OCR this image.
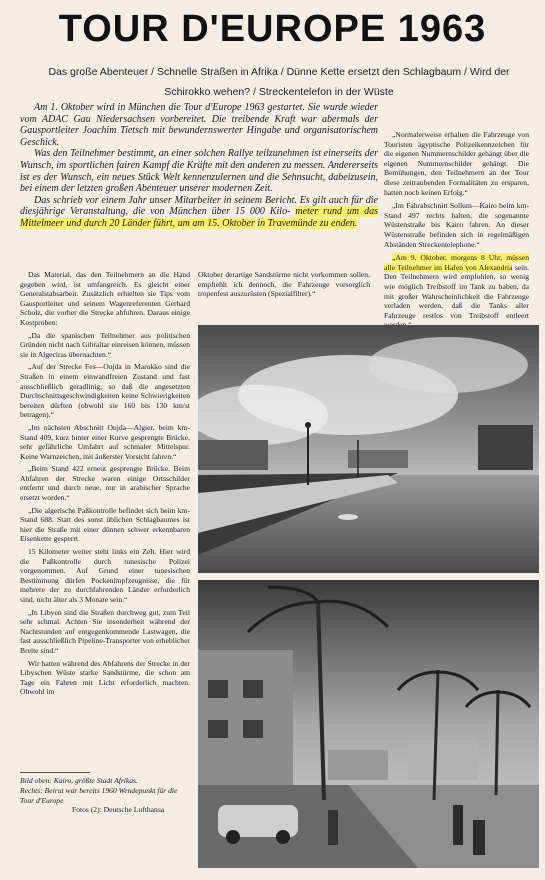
TOUR D'EUROPE 1963
Das große Abenteuer / Schnelle Straßen in Afrika / Dünne Kette ersetzt den Schlagbaum / Wird der Schirokko wehen? / Streckentelefon in der Wüste

Am 1. Oktober wird in München die Tour d'Europe 1963 gestartet. Sie wurde wieder vom ADAC Gau Niedersachsen vorbereitet. Die treibende Kraft war abermals der Gausportleiter Joachim Tietsch mit bewundernswerter Hingabe und organisatorischem Geschick.

Was den Teilnehmer bestimmt, an einer solchen Rallye teilzunehmen ist einerseits der Wunsch, im sportlichen fairen Kampf die Kräfte mit den anderen zu messen. Andererseits ist es der Wunsch, ein neues Stück Welt kennenzulernen und die Sehnsucht, dabeizusein, bei einem der letzten großen Abenteuer unserer modernen Zeit.

Das schrieb vor einem Jahr unser Mitarbeiter in seinem Bericht. Es gilt auch für die diesjährige Veranstaltung, die von München über 15 000 Kilo- meter rund um das Mittelmeer und durch 20 Länder führt, um am 15. Oktober in Travemünde zu enden.

Das Material, das den Teilnehmern an die Hand gegeben wird, ist umfangreich. Es gleicht einer Generalstabsarbeit. Zusätzlich erhielten sie Tips vom Gausportleiter und seinem Wagenreferenten Gerhard Scholz, die vorher die Strecke abfuhren. Daraus einige Kostproben:

„Da die spanischen Teilnehmer aus politischen Gründen nicht nach Gibraltar einreisen können, müssen sie in Algeciras übernachten.“

„Auf der Strecke Fes—Oujda in Marokko sind die Straßen in einem einwandfreien Zustand und fast ausschließlich geradlinig, so daß die angesetzten Durchschnittsgeschwindigkeiten keine Schwierigkeiten bereiten dürften (obwohl sie 160 bis 130 km/st betragen).“

„Im nächsten Abschnitt Oujda—Algier, beim km-Stand 409, kurz hinter einer Kurve gesprengte Brücke, sehr gefährliche Umfahrt auf schmaler Mittelspur. Keine Warnzeichen, mit äußerster Vorsicht fahren.“

„Beim Stand 422 erneut gesprengte Brücke. Beim Abfahren der Strecke waren einige Ortsschilder entfernt und durch neue, nur in arabischer Sprache ersetzt worden.“

„Die algerische Paßkontrolle befindet sich beim km-Stand 688. Statt des sonst üblichen Schlagbaumes ist hier die Straße mit einer dünnen schwer erkennbaren Eisenkette gesperrt.

15 Kilometer weiter steht links ein Zelt. Hier wird die Paßkontrolle durch tunesische Polizei vorgenommen. Auf Grund einer tunesischen Bestimmung dürfen Pockenimpfzeugnisse, die für mehrere der zu durchfahrenden Länder erforderlich sind, nicht älter als 3 Monate sein.“

„In Libyen sind die Straßen durchweg gut, zum Teil sehr schmal. Achten Sie insonderheit während der Nachtstunden auf entgegenkommende Lastwagen, die fast ausschließlich Pipeline-Transporter von erheblicher Breite sind.“

Wir hatten während des Abfahrens der Strecke in der Libyschen Wüste starke Sandstürme, die schon am Tage ein Fahren mit Licht erforderlich machten. Obwohl im

Oktober derartige Sandstürme nicht vorkommen sollen, empfiehlt ich dennoch, die Fahrzeuge vorsorglich tropenfest auszurüsten (Spezialfilter).“

„Normalerweise erhalten die Fahrzeuge von Touristen ägyptische Polizeikennzeichen für die eigenen Nummernschilder gehängt über die eigenen Nummernschilder gehängt. Die Bemühungen, den Teilnehmern an der Tour diese zeitraubenden Formalitäten zu ersparen, hatten noch keinen Erfolg.“

„Im Fahrabschnitt Sollum—Kairo beim km-Stand 497 rechts halten, die sogenannte Wüstenstraße bis Kairo fahren. An dieser Wüstenstraße befinden sich in regelmäßigen Abständen Streckentelephone.“

„Am 9. Oktober, morgens 8 Uhr, müssen alle Teilnehmer im Hafen von Alexandria sein. Den Teilnehmern wird empfohlen, so wenig wie möglich Treibstoff im Tank zu haben, da mit großer Wahrscheinlichkeit die Fahrzeuge verladen werden, daß die Tanks aller Fahrzeuge restlos von Treibstoff entleert

Bild oben: Kairo, größte Stadt Afrikas.
Rechts: Beirut war bereits 1960 Wendepunkt für die Tour d'Europe
Fotos (2): Deutsche Lufthansa
